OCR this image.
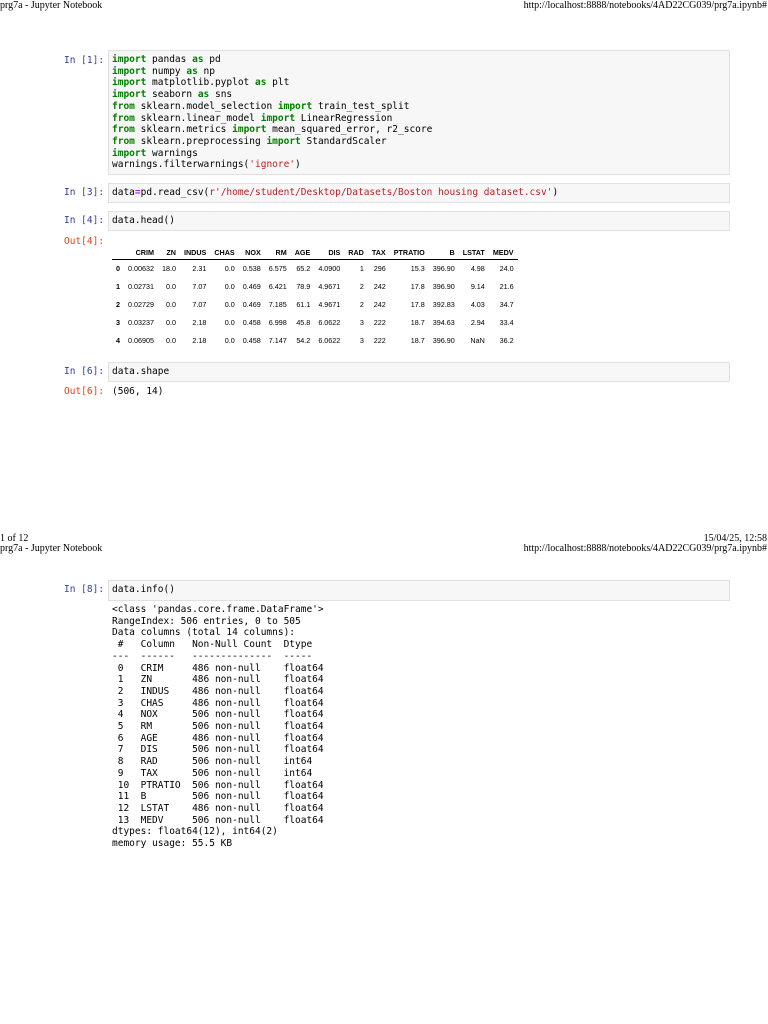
prg7a - Jupyter Notebook	http://localhost:8888/notebooks/4AD22CG039/prg7a.ipynb#
In [1]: import pandas as pd
import numpy as np
import matplotlib.pyplot as plt
import seaborn as sns
from sklearn.model_selection import train_test_split
from sklearn.linear_model import LinearRegression
from sklearn.metrics import mean_squared_error, r2_score
from sklearn.preprocessing import StandardScaler
import warnings
warnings.filterwarnings('ignore')
In [3]: data=pd.read_csv(r'/home/student/Desktop/Datasets/Boston housing dataset.csv')
In [4]: data.head()
Out[4]:
	CRIM	ZN	INDUS	CHAS	NOX	RM	AGE	DIS	RAD	TAX	PTRATIO	B	LSTAT	MEDV
0	0.00632	18.0	2.31	0.0	0.538	6.575	65.2	4.0900	1	296	15.3	396.90	4.98	24.0
1	0.02731	0.0	7.07	0.0	0.469	6.421	78.9	4.9671	2	242	17.8	396.90	9.14	21.6
2	0.02729	0.0	7.07	0.0	0.469	7.185	61.1	4.9671	2	242	17.8	392.83	4.03	34.7
3	0.03237	0.0	2.18	0.0	0.458	6.998	45.8	6.0622	3	222	18.7	394.63	2.94	33.4
4	0.06905	0.0	2.18	0.0	0.458	7.147	54.2	6.0622	3	222	18.7	396.90	NaN	36.2
In [6]: data.shape
Out[6]: (506, 14)
1 of 12	15/04/25, 12:58
prg7a - Jupyter Notebook	http://localhost:8888/notebooks/4AD22CG039/prg7a.ipynb#
In [8]: data.info()
<class 'pandas.core.frame.DataFrame'>
RangeIndex: 506 entries, 0 to 505
Data columns (total 14 columns):
#   Column   Non-Null Count  Dtype
---  ------   --------------  -----
0   CRIM     486 non-null    float64
1   ZN       486 non-null    float64
2   INDUS    486 non-null    float64
3   CHAS     486 non-null    float64
4   NOX      506 non-null    float64
5   RM       506 non-null    float64
6   AGE      486 non-null    float64
7   DIS      506 non-null    float64
8   RAD      506 non-null    int64
9   TAX      506 non-null    int64
10  PTRATIO  506 non-null    float64
11  B        506 non-null    float64
12  LSTAT    486 non-null    float64
13  MEDV     506 non-null    float64
dtypes: float64(12), int64(2)
memory usage: 55.5 KB
